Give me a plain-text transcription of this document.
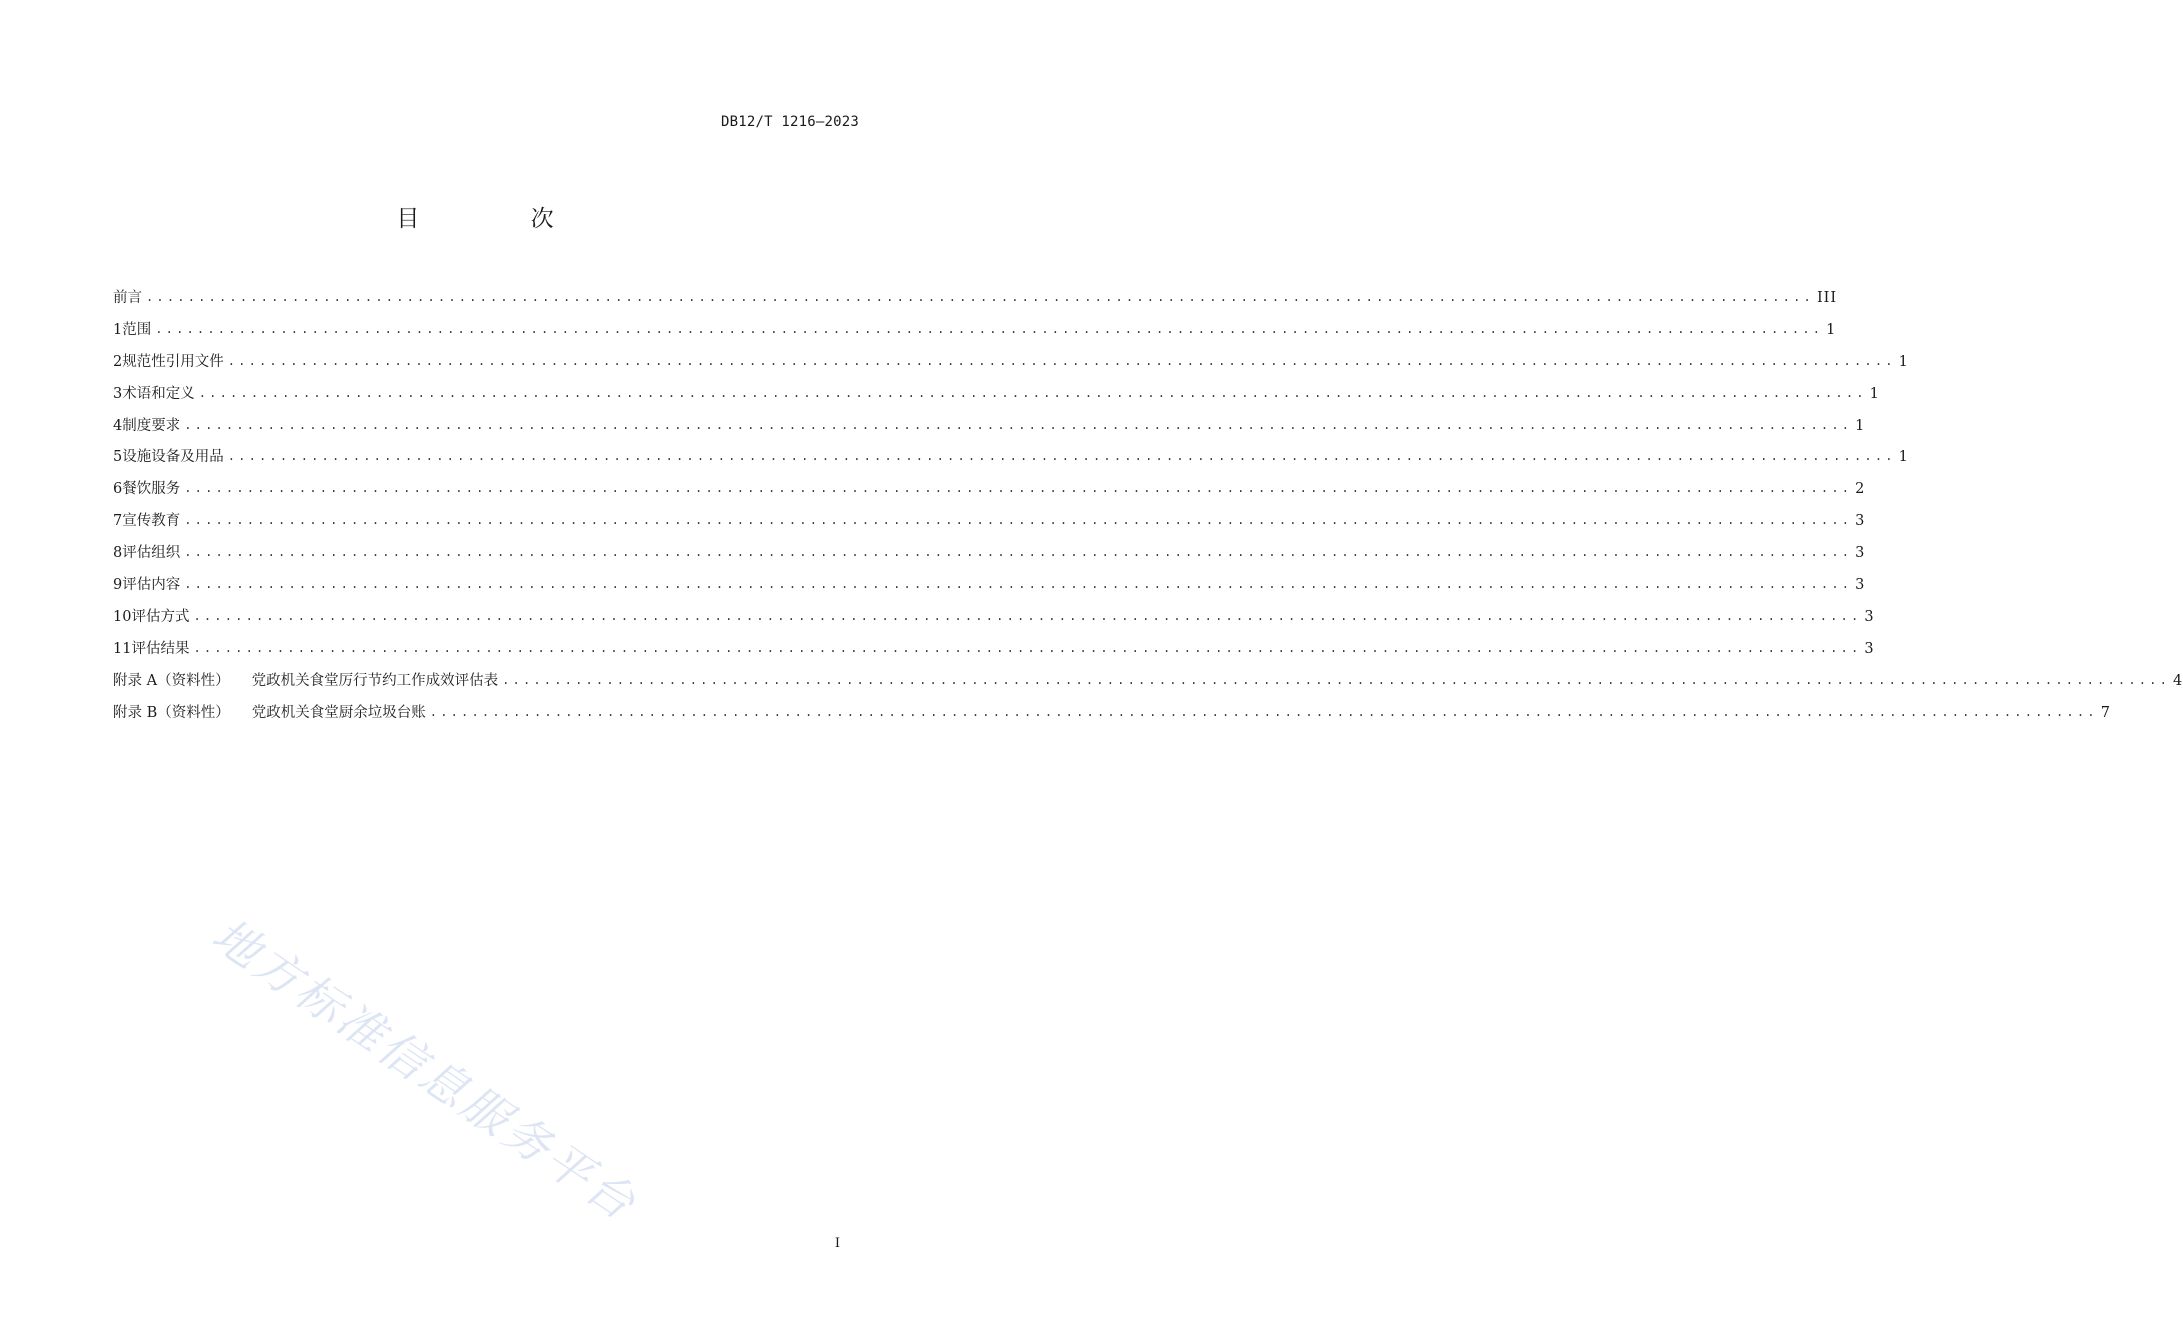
DB12/T 1216—2023
目 次
前言 ................................................................................................................................................................ III
1 范围 ................................................................................................................................................................ 1
2 规范性引用文件 ................................................................................................................................................................ 1
3 术语和定义 ................................................................................................................................................................ 1
4 制度要求 ................................................................................................................................................................ 1
5 设施设备及用品 ................................................................................................................................................................ 1
6 餐饮服务 ................................................................................................................................................................ 2
7 宣传教育 ................................................................................................................................................................ 3
8 评估组织 ................................................................................................................................................................ 3
9 评估内容 ................................................................................................................................................................ 3
10 评估方式 ................................................................................................................................................................ 3
11 评估结果 ................................................................................................................................................................ 3
附录 A（资料性） 党政机关食堂厉行节约工作成效评估表 ................................................................................................................................................................ 4
附录 B（资料性） 党政机关食堂厨余垃圾台账 ................................................................................................................................................................ 7
地方标准信息服务平台
I
